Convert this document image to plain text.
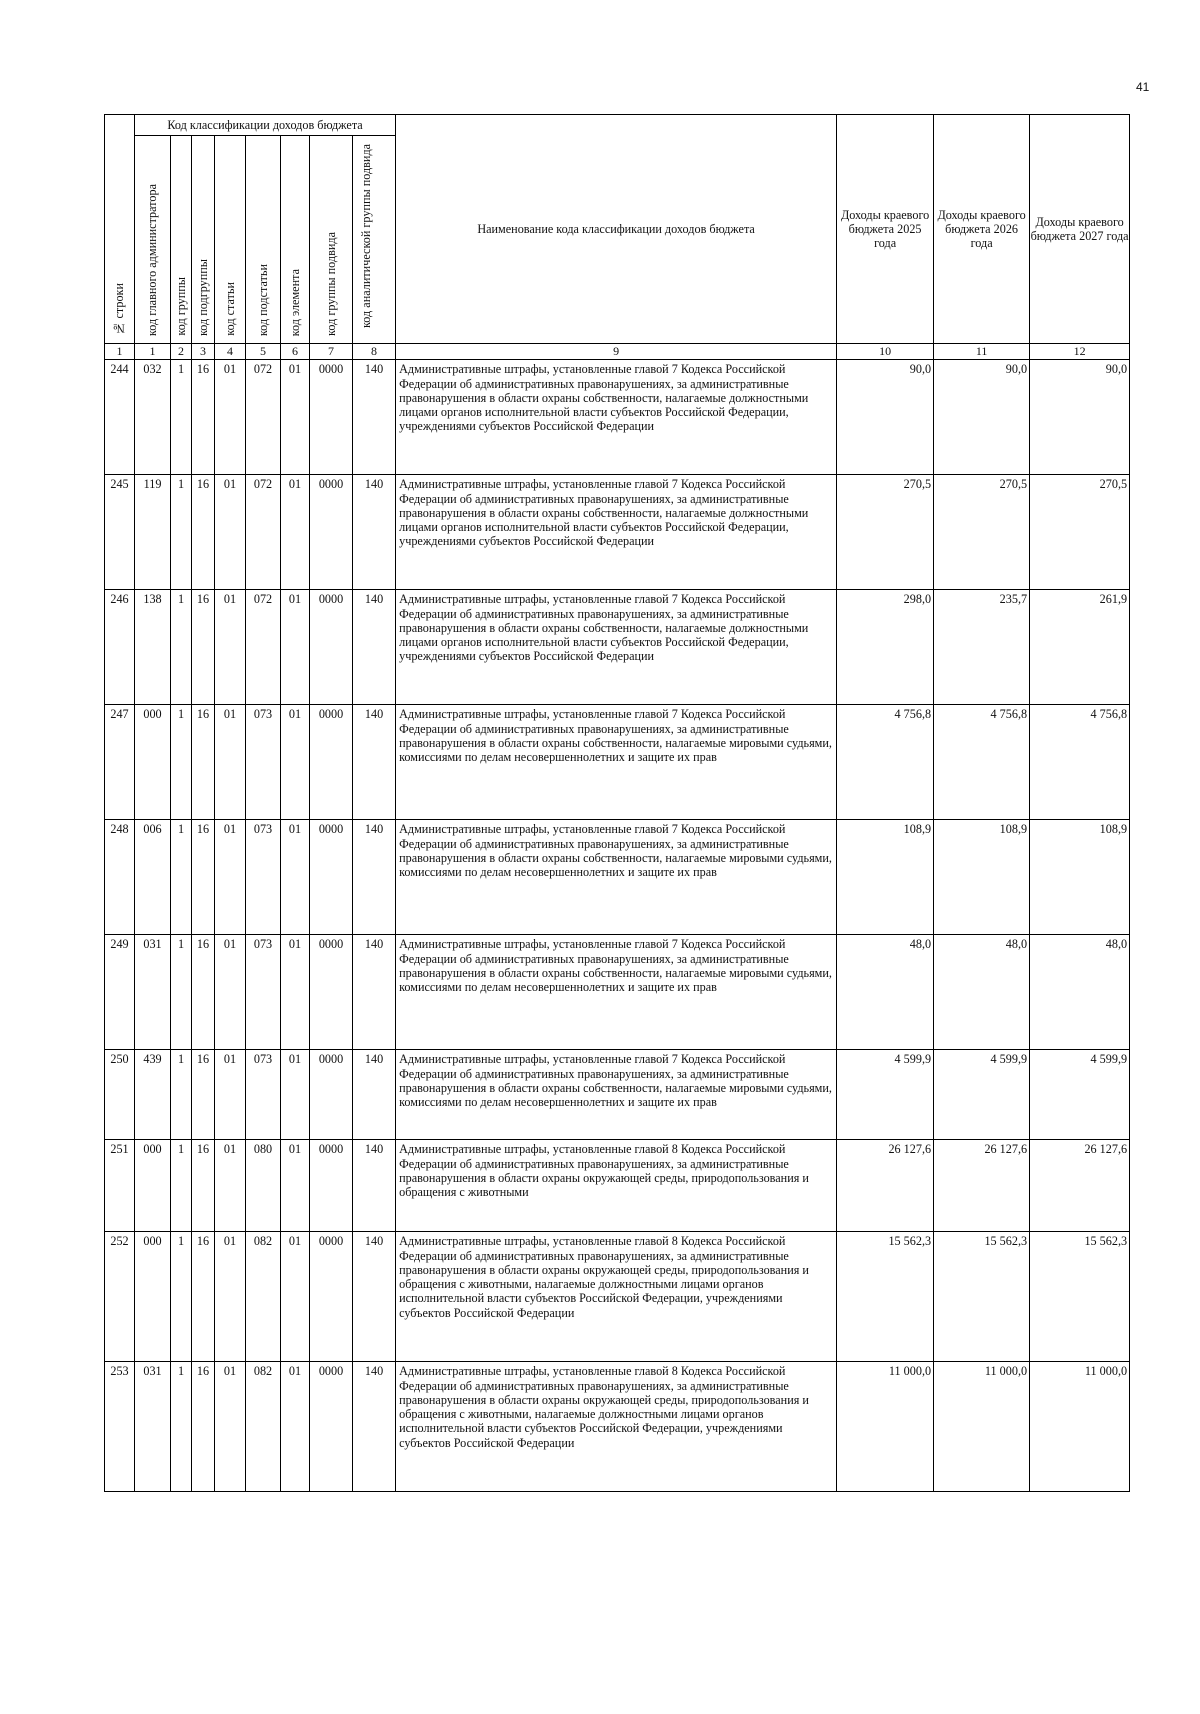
41
№ строки	Код классификации доходов бюджета								Наименование кода классификации доходов бюджета	Доходы краевого бюджета 2025 года	Доходы краевого бюджета 2026 года	Доходы краевого бюджета 2027 года
	код главного администратора	код группы	код подгруппы	код статьи	код подстатьи	код элемента	код группы подвида	код аналитической группы подвида				
1	1	2	3	4	5	6	7	8	9	10	11	12
244	032	1	16	01	072	01	0000	140	Административные штрафы, установленные главой 7 Кодекса Российской Федерации об административных правонарушениях, за административные правонарушения в области охраны собственности, налагаемые должностными лицами органов исполнительной власти субъектов Российской Федерации, учреждениями субъектов Российской Федерации	90,0	90,0	90,0
245	119	1	16	01	072	01	0000	140	Административные штрафы, установленные главой 7 Кодекса Российской Федерации об административных правонарушениях, за административные правонарушения в области охраны собственности, налагаемые должностными лицами органов исполнительной власти субъектов Российской Федерации, учреждениями субъектов Российской Федерации	270,5	270,5	270,5
246	138	1	16	01	072	01	0000	140	Административные штрафы, установленные главой 7 Кодекса Российской Федерации об административных правонарушениях, за административные правонарушения в области охраны собственности, налагаемые должностными лицами органов исполнительной власти субъектов Российской Федерации, учреждениями субъектов Российской Федерации	298,0	235,7	261,9
247	000	1	16	01	073	01	0000	140	Административные штрафы, установленные главой 7 Кодекса Российской Федерации об административных правонарушениях, за административные правонарушения в области охраны собственности, налагаемые мировыми судьями, комиссиями по делам несовершеннолетних и защите их прав	4 756,8	4 756,8	4 756,8
248	006	1	16	01	073	01	0000	140	Административные штрафы, установленные главой 7 Кодекса Российской Федерации об административных правонарушениях, за административные правонарушения в области охраны собственности, налагаемые мировыми судьями, комиссиями по делам несовершеннолетних и защите их прав	108,9	108,9	108,9
249	031	1	16	01	073	01	0000	140	Административные штрафы, установленные главой 7 Кодекса Российской Федерации об административных правонарушениях, за административные правонарушения в области охраны собственности, налагаемые мировыми судьями, комиссиями по делам несовершеннолетних и защите их прав	48,0	48,0	48,0
250	439	1	16	01	073	01	0000	140	Административные штрафы, установленные главой 7 Кодекса Российской Федерации об административных правонарушениях, за административные правонарушения в области охраны собственности, налагаемые мировыми судьями, комиссиями по делам несовершеннолетних и защите их прав	4 599,9	4 599,9	4 599,9
251	000	1	16	01	080	01	0000	140	Административные штрафы, установленные главой 8 Кодекса Российской Федерации об административных правонарушениях, за административные правонарушения в области охраны окружающей среды, природопользования и обращения с животными	26 127,6	26 127,6	26 127,6
252	000	1	16	01	082	01	0000	140	Административные штрафы, установленные главой 8 Кодекса Российской Федерации об административных правонарушениях, за административные правонарушения в области охраны окружающей среды, природопользования и обращения с животными, налагаемые должностными лицами органов исполнительной власти субъектов Российской Федерации, учреждениями субъектов Российской Федерации	15 562,3	15 562,3	15 562,3
253	031	1	16	01	082	01	0000	140	Административные штрафы, установленные главой 8 Кодекса Российской Федерации об административных правонарушениях, за административные правонарушения в области охраны окружающей среды, природопользования и обращения с животными, налагаемые должностными лицами органов исполнительной власти субъектов Российской Федерации, учреждениями субъектов Российской Федерации	11 000,0	11 000,0	11 000,0
